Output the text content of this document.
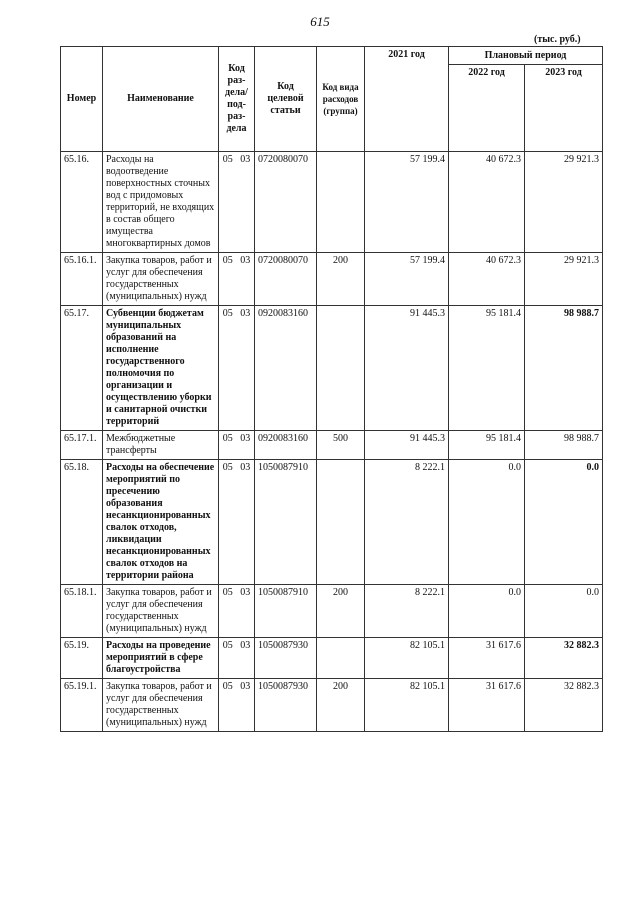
615
(тыс. руб.)
Номер	Наименование	Код раз- дела/ под- раз- дела	Код целевой статьи	Код вида расходов (группа)	2021 год	Плановый период	
						2022 год	2023 год
65.16.	Расходы на водоотведение поверхностных сточных вод с придомовых территорий, не входящих в состав общего имущества многоквартирных домов	05 03	0720080070		57 199.4	40 672.3	29 921.3
65.16.1.	Закупка товаров, работ и услуг для обеспечения государственных (муниципальных) нужд	05 03	0720080070	200	57 199.4	40 672.3	29 921.3
65.17.	Субвенции бюджетам муниципальных образований на исполнение государственного полномочия по организации и осуществлению уборки и санитарной очистки территорий	05 03	0920083160		91 445.3	95 181.4	98 988.7
65.17.1.	Межбюджетные трансферты	05 03	0920083160	500	91 445.3	95 181.4	98 988.7
65.18.	Расходы на обеспечение мероприятий по пресечению образования несанкционированных свалок отходов, ликвидации несанкционированных свалок отходов на территории района	05 03	1050087910		8 222.1	0.0	0.0
65.18.1.	Закупка товаров, работ и услуг для обеспечения государственных (муниципальных) нужд	05 03	1050087910	200	8 222.1	0.0	0.0
65.19.	Расходы на проведение мероприятий в сфере благоустройства	05 03	1050087930		82 105.1	31 617.6	32 882.3
65.19.1.	Закупка товаров, работ и услуг для обеспечения государственных (муниципальных) нужд	05 03	1050087930	200	82 105.1	31 617.6	32 882.3
